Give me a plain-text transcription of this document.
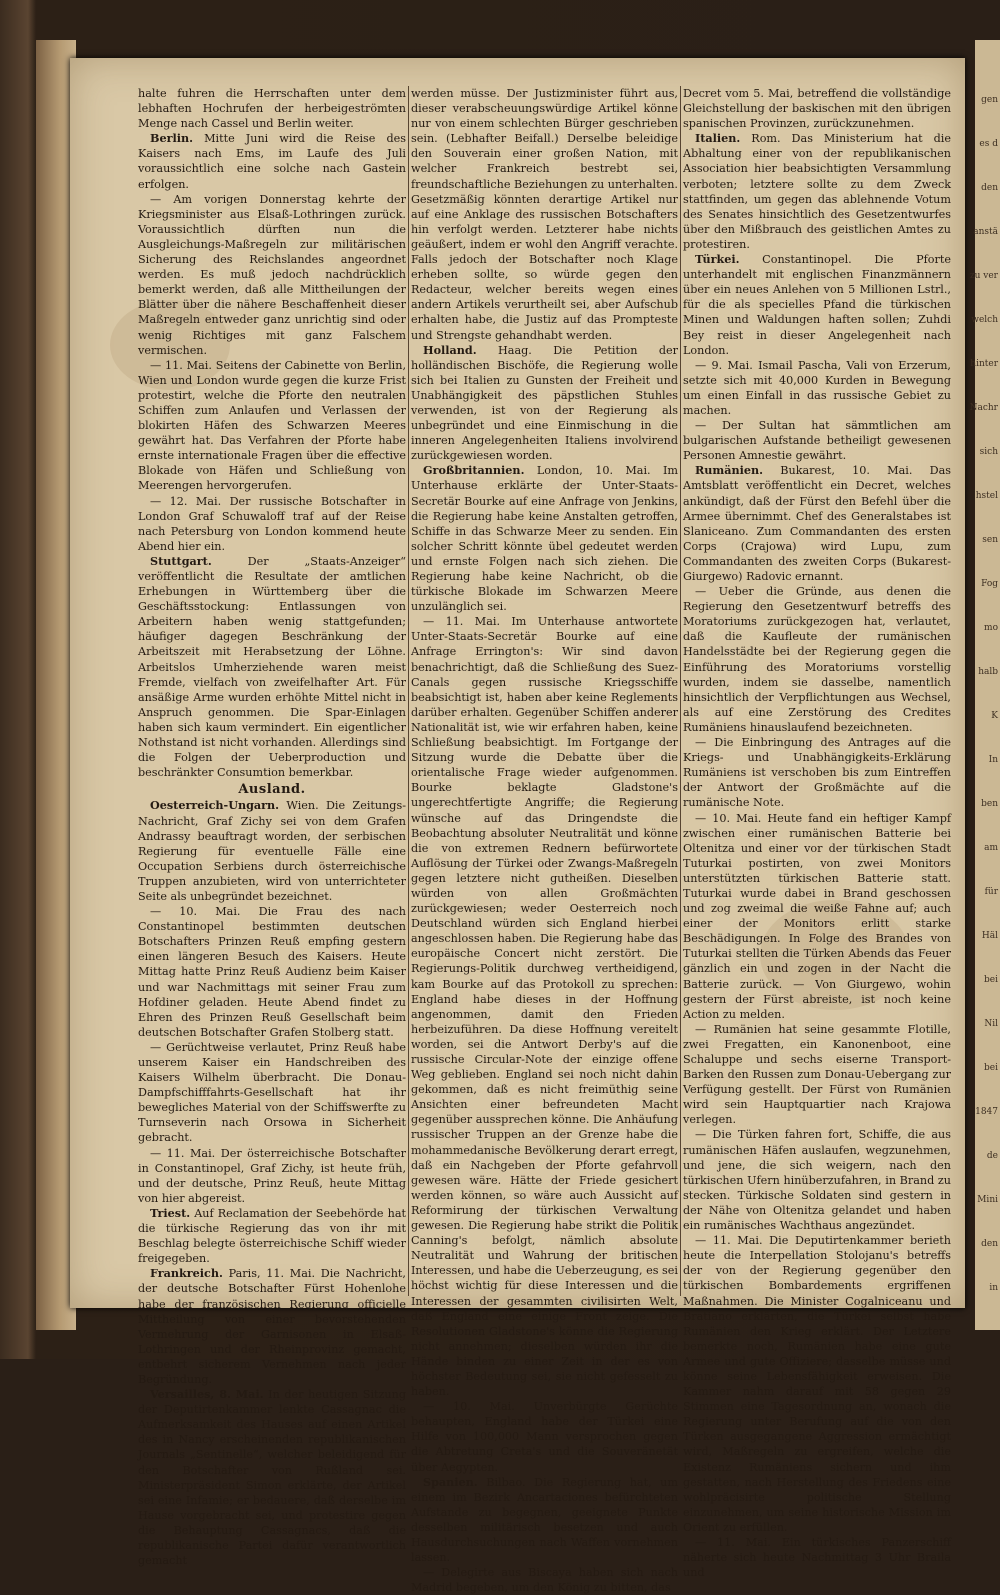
gen
es d
den
anstä
zu ver
welch
hinter
Nachr
sich
hstel
sen
Fog
mo
halb
K
In
ben
am
für
Häl
bei
Nil
bei
1847
de
Mini
den
in

halte fuhren die Herrschaften unter dem lebhaften Hochrufen der herbeigeströmten Menge nach Cassel und Berlin weiter.

Berlin. Mitte Juni wird die Reise des Kaisers nach Ems, im Laufe des Juli voraussichtlich eine solche nach Gastein erfolgen.

— Am vorigen Donnerstag kehrte der Kriegsminister aus Elsaß-Lothringen zurück. Voraussichtlich dürften nun die Ausgleichungs-Maßregeln zur militärischen Sicherung des Reichslandes angeordnet werden. Es muß jedoch nachdrücklich bemerkt werden, daß alle Mittheilungen der Blätter über die nähere Beschaffenheit dieser Maßregeln entweder ganz unrichtig sind oder wenig Richtiges mit ganz Falschem vermischen.

— 11. Mai. Seitens der Cabinette von Berlin, Wien und London wurde gegen die kurze Frist protestirt, welche die Pforte den neutralen Schiffen zum Anlaufen und Verlassen der blokirten Häfen des Schwarzen Meeres gewährt hat. Das Verfahren der Pforte habe ernste internationale Fragen über die effective Blokade von Häfen und Schließung von Meerengen hervorgerufen.

— 12. Mai. Der russische Botschafter in London Graf Schuwaloff traf auf der Reise nach Petersburg von London kommend heute Abend hier ein.

Stuttgart.	Der „Staats-Anzeiger“ veröffentlicht die Resultate der amtlichen Erhebungen in Württemberg über die Geschäftsstockung: Entlassungen von Arbeitern haben wenig stattgefunden; häufiger dagegen Beschränkung der Arbeitszeit mit Herabsetzung der Löhne. Arbeitslos Umherziehende waren meist Fremde, vielfach von zweifelhafter Art. Für ansäßige Arme wurden erhöhte Mittel nicht in Anspruch genommen. Die Spar-Einlagen haben sich kaum vermindert. Ein eigentlicher Nothstand ist nicht vorhanden. Allerdings sind die Folgen der Ueberproduction und beschränkter Consumtion bemerkbar.

Ausland.

Oesterreich-Ungarn. Wien. Die Zeitungs-Nachricht, Graf Zichy sei von dem Grafen Andrassy beauftragt worden, der serbischen Regierung für eventuelle Fälle eine Occupation Serbiens durch österreichische Truppen anzubieten, wird von unterrichteter Seite als unbegründet bezeichnet.

— 10. Mai. Die Frau des nach Constantinopel bestimmten deutschen Botschafters Prinzen Reuß empfing gestern einen längeren Besuch des Kaisers. Heute Mittag hatte Prinz Reuß Audienz beim Kaiser und war Nachmittags mit seiner Frau zum Hofdiner geladen. Heute Abend findet zu Ehren des Prinzen Reuß Gesellschaft beim deutschen Botschafter Grafen Stolberg statt.

— Gerüchtweise verlautet, Prinz Reuß habe unserem Kaiser ein Handschreiben des Kaisers Wilhelm überbracht. Die Donau-Dampfschifffahrts-Gesellschaft hat ihr bewegliches Material von der Schiffswerfte zu Turnseverin nach Orsowa in Sicherheit gebracht.

— 11. Mai. Der österreichische Botschafter in Constantinopel, Graf Zichy, ist heute früh, und der deutsche, Prinz Reuß, heute Mittag von hier abgereist.

Triest. Auf Reclamation der Seebehörde hat die türkische Regierung das von ihr mit Beschlag belegte österreichische Schiff wieder freigegeben.

Frankreich. Paris, 11. Mai. Die Nachricht, der deutsche Botschafter Fürst Hohenlohe habe der französischen Regierung officielle Mittheilung von einer bevorstehenden Vermehrung der Garnisonen in Elsaß-Lothringen und der Rheinprovinz gemacht, entbehrt sicherem Vernehmen nach jeder Begründung.

Versailles, 8. Mai. In der heutigen Sitzung der Deputirtenkammer lenkte Cassagnac die Aufmerksamkeit des Hauses auf einen Artikel des in Nancy erscheinenden republikanischen Journals „Sentinelle“, welcher beleidigend für den Botschafter von Rußland sei. Ministerpräsident Simon erklärte, der Artikel sei eine Infamie; er bedauere, daß derselbe im Hause vorgebracht sei, und protestire gegen die Behauptung Cassagnacs, daß die republikanische Partei dafür verantwortlich gemacht

werden müsse. Der Justizminister führt aus, dieser verabscheuungswürdige Artikel könne nur von einem schlechten Bürger geschrieben sein. (Lebhafter Beifall.) Derselbe beleidige den Souverain einer großen Nation, mit welcher Frankreich bestrebt sei, freundschaftliche Beziehungen zu unterhalten. Gesetzmäßig könnten derartige Artikel nur auf eine Anklage des russischen Botschafters hin verfolgt werden. Letzterer habe nichts geäußert, indem er wohl den Angriff verachte. Falls jedoch der Botschafter noch Klage erheben sollte, so würde gegen den Redacteur, welcher bereits wegen eines andern Artikels verurtheilt sei, aber Aufschub erhalten habe, die Justiz auf das Prompteste und Strengste gehandhabt werden.

Holland. Haag. Die Petition der holländischen Bischöfe, die Regierung wolle sich bei Italien zu Gunsten der Freiheit und Unabhängigkeit des päpstlichen Stuhles verwenden, ist von der Regierung als unbegründet und eine Einmischung in die inneren Angelegenheiten Italiens involvirend zurückgewiesen worden.

Großbritannien. London, 10. Mai. Im Unterhause erklärte der Unter-Staats-Secretär Bourke auf eine Anfrage von Jenkins, die Regierung habe keine Anstalten getroffen, Schiffe in das Schwarze Meer zu senden. Ein solcher Schritt könnte übel gedeutet werden und ernste Folgen nach sich ziehen. Die Regierung habe keine Nachricht, ob die türkische Blokade im Schwarzen Meere unzulänglich sei.

— 11. Mai. Im Unterhause antwortete Unter-Staats-Secretär Bourke auf eine Anfrage Errington's: Wir sind davon benachrichtigt, daß die Schließung des Suez-Canals gegen russische Kriegsschiffe beabsichtigt ist, haben aber keine Reglements darüber erhalten. Gegenüber Schiffen anderer Nationalität ist, wie wir erfahren haben, keine Schließung beabsichtigt. Im Fortgange der Sitzung wurde die Debatte über die orientalische Frage wieder aufgenommen. Bourke beklagte Gladstone's ungerechtfertigte Angriffe; die Regierung wünsche auf das Dringendste die Beobachtung absoluter Neutralität und könne die von extremen Rednern befürwortete Auflösung der Türkei oder Zwangs-Maßregeln gegen letztere nicht gutheißen. Dieselben würden von allen Großmächten zurückgewiesen; weder Oesterreich noch Deutschland würden sich England hierbei angeschlossen haben. Die Regierung habe das europäische Concert nicht zerstört. Die Regierungs-Politik durchweg vertheidigend, kam Bourke auf das Protokoll zu sprechen: England habe dieses in der Hoffnung angenommen, damit den Frieden herbeizuführen. Da diese Hoffnung vereitelt worden, sei die Antwort Derby's auf die russische Circular-Note der einzige offene Weg geblieben. England sei noch nicht dahin gekommen, daß es nicht freimüthig seine Ansichten einer befreundeten Macht gegenüber aussprechen könne. Die Anhäufung russischer Truppen an der Grenze habe die mohammedanische Bevölkerung derart erregt, daß ein Nachgeben der Pforte gefahrvoll gewesen wäre. Hätte der Friede gesichert werden können, so wäre auch Aussicht auf Reformirung der türkischen Verwaltung gewesen. Die Regierung habe strikt die Politik Canning's befolgt, nämlich absolute Neutralität und Wahrung der britischen Interessen, und habe die Ueberzeugung, es sei höchst wichtig für diese Interessen und die Interessen der gesammten civilisirten Welt, daß England eine einige Front zeige. Die Resolutionen Gladstone's könne die Regierung nicht annehmen; dieselben würden ihr die Hände binden zu einer Zeit in der es von höchster Bedeutung sei, sie nicht gefesselt zu haben.

— 10. Mai. Unverbürgte Gerüchte behaupten, England habe der Türkei eine Hilfe von 100,000 Mann versprochen gegen die Abtretung Creta's und die Souveränetät über Aegypten.

Spanien. Bilbao. Die Regierung hat, um einem im Bezirk Ancartaciones befürchteten Aufstande zu begegnen, geeignete Punkte desselben militärisch besetzen und auch Hausdurchsuchungen nach Waffen vornehmen lassen.

— Delegirte aus Biscaya haben sich nach Madrid begeben, um den König zu bitten, das

Decret vom 5. Mai, betreffend die vollständige Gleichstellung der baskischen mit den übrigen spanischen Provinzen, zurückzunehmen.

Italien. Rom. Das Ministerium hat die Abhaltung einer von der republikanischen Association hier beabsichtigten Versammlung verboten; letztere sollte zu dem Zweck stattfinden, um gegen das ablehnende Votum des Senates hinsichtlich des Gesetzentwurfes über den Mißbrauch des geistlichen Amtes zu protestiren.

Türkei. Constantinopel. Die Pforte unterhandelt mit englischen Finanzmännern über ein neues Anlehen von 5 Millionen Lstrl., für die als specielles Pfand die türkischen Minen und Waldungen haften sollen; Zuhdi Bey reist in dieser Angelegenheit nach London.

— 9. Mai. Ismail Pascha, Vali von Erzerum, setzte sich mit 40,000 Kurden in Bewegung um einen Einfall in das russische Gebiet zu machen.

— Der Sultan hat sämmtlichen am bulgarischen Aufstande betheiligt gewesenen Personen Amnestie gewährt.

Rumänien. Bukarest, 10. Mai. Das Amtsblatt veröffentlicht ein Decret, welches ankündigt, daß der Fürst den Befehl über die Armee übernimmt. Chef des Generalstabes ist Slaniceano. Zum Commandanten des ersten Corps (Crajowa) wird Lupu, zum Commandanten des zweiten Corps (Bukarest-Giurgewo) Radovic ernannt.

— Ueber die Gründe, aus denen die Regierung den Gesetzentwurf betreffs des Moratoriums zurückgezogen hat, verlautet, daß die Kaufleute der rumänischen Handelsstädte bei der Regierung gegen die Einführung des Moratoriums vorstellig wurden, indem sie dasselbe, namentlich hinsichtlich der Verpflichtungen aus Wechsel, als auf eine Zerstörung des Credites Rumäniens hinauslaufend bezeichneten.

— Die Einbringung des Antrages auf die Kriegs- und Unabhängigkeits-Erklärung Rumäniens ist verschoben bis zum Eintreffen der Antwort der Großmächte auf die rumänische Note.

— 10. Mai. Heute fand ein heftiger Kampf zwischen einer rumänischen Batterie bei Oltenitza und einer vor der türkischen Stadt Tuturkai postirten, von zwei Monitors unterstützten türkischen Batterie statt. Tuturkai wurde dabei in Brand geschossen und zog zweimal die weiße Fahne auf; auch einer der Monitors erlitt starke Beschädigungen. In Folge des Brandes von Tuturkai stellten die Türken Abends das Feuer gänzlich ein und zogen in der Nacht die Batterie zurück. — Von Giurgewo, wohin gestern der Fürst abreiste, ist noch keine Action zu melden.

— Rumänien hat seine gesammte Flotille, zwei Fregatten, ein Kanonenboot, eine Schaluppe und sechs eiserne Transport-Barken den Russen zum Donau-Uebergang zur Verfügung gestellt. Der Fürst von Rumänien wird sein Hauptquartier nach Krajowa verlegen.

— Die Türken fahren fort, Schiffe, die aus rumänischen Häfen auslaufen, wegzunehmen, und jene, die sich weigern, nach den türkischen Ufern hinüberzufahren, in Brand zu stecken. Türkische Soldaten sind gestern in der Nähe von Oltenitza gelandet und haben ein rumänisches Wachthaus angezündet.

— 11. Mai. Die Deputirtenkammer berieth heute die Interpellation Stolojanu's betreffs der von der Regierung gegenüber den türkischen Bombardements ergriffenen Maßnahmen. Die Minister Cogalniceanu und Bratiano erklärten, die Türkei selbst habe Rumänien den Krieg erklärt. Der Letztere bemerkte noch, Rumänien habe eine gute Armee und gute Offiziere; dasselbe müsse und könne seine Lebensfähigkeit erweisen. Die Kammer nahm darauf mit 58 gegen 29 Stimmen eine Tagesordnung an, wonach die Regierung unter Berufung auf die von den Türken ausgegangene Aggression ermächtigt wird, Maßregeln zu ergreifen, welche die Existenz Rumäniens sichern und ihm gestatten, nach Herstellung des Friedens eine wohlpräcisirte politische Stellung einzunehmen, um seine historische Mission im Orient zu erfüllen.

— 11. Mai. Ein türkisches Panzerschiff näherte sich heute Nachmittag 3 Uhr Braila und
